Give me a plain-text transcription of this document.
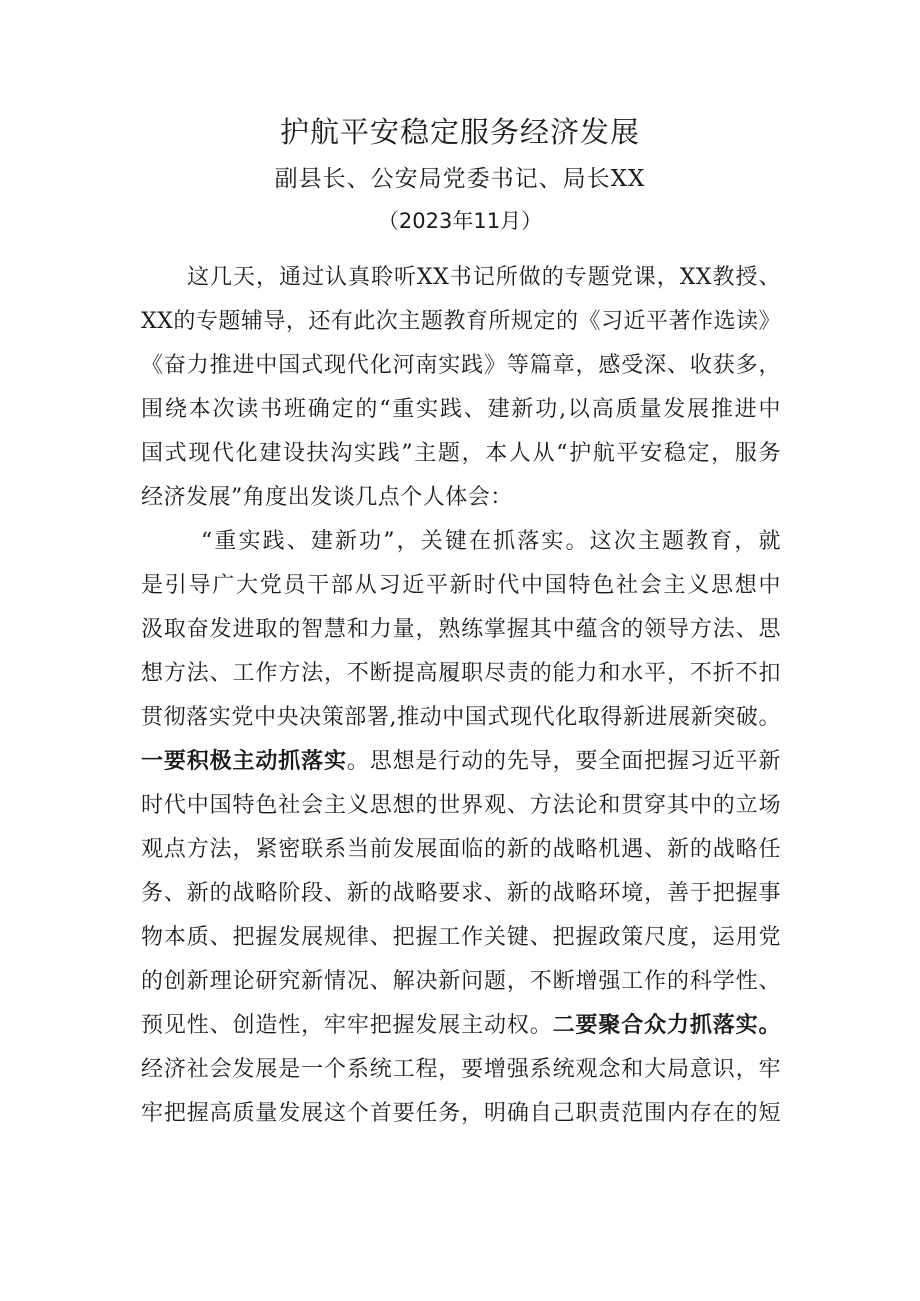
护航平安稳定服务经济发展
副县长、公安局党委书记、局长XX
（2023年11月）
这几天，通过认真聆听XX书记所做的专题党课，XX教授、
XX的专题辅导，还有此次主题教育所规定的《习近平著作选读》
《奋力推进中国式现代化河南实践》等篇章，感受深、收获多，
围绕本次读书班确定的“重实践、建新功,以高质量发展推进中
国式现代化建设扶沟实践”主题，本人从“护航平安稳定，服务
经济发展”角度出发谈几点个人体会：
“重实践、建新功”，关键在抓落实。这次主题教育，就
是引导广大党员干部从习近平新时代中国特色社会主义思想中
汲取奋发进取的智慧和力量，熟练掌握其中蕴含的领导方法、思
想方法、工作方法，不断提高履职尽责的能力和水平，不折不扣
贯彻落实党中央决策部署,推动中国式现代化取得新进展新突破。
一要积极主动抓落实。思想是行动的先导，要全面把握习近平新
时代中国特色社会主义思想的世界观、方法论和贯穿其中的立场
观点方法，紧密联系当前发展面临的新的战略机遇、新的战略任
务、新的战略阶段、新的战略要求、新的战略环境，善于把握事
物本质、把握发展规律、把握工作关键、把握政策尺度，运用党
的创新理论研究新情况、解决新问题，不断增强工作的科学性、
预见性、创造性，牢牢把握发展主动权。二要聚合众力抓落实。
经济社会发展是一个系统工程，要增强系统观念和大局意识，牢
牢把握高质量发展这个首要任务，明确自己职责范围内存在的短
